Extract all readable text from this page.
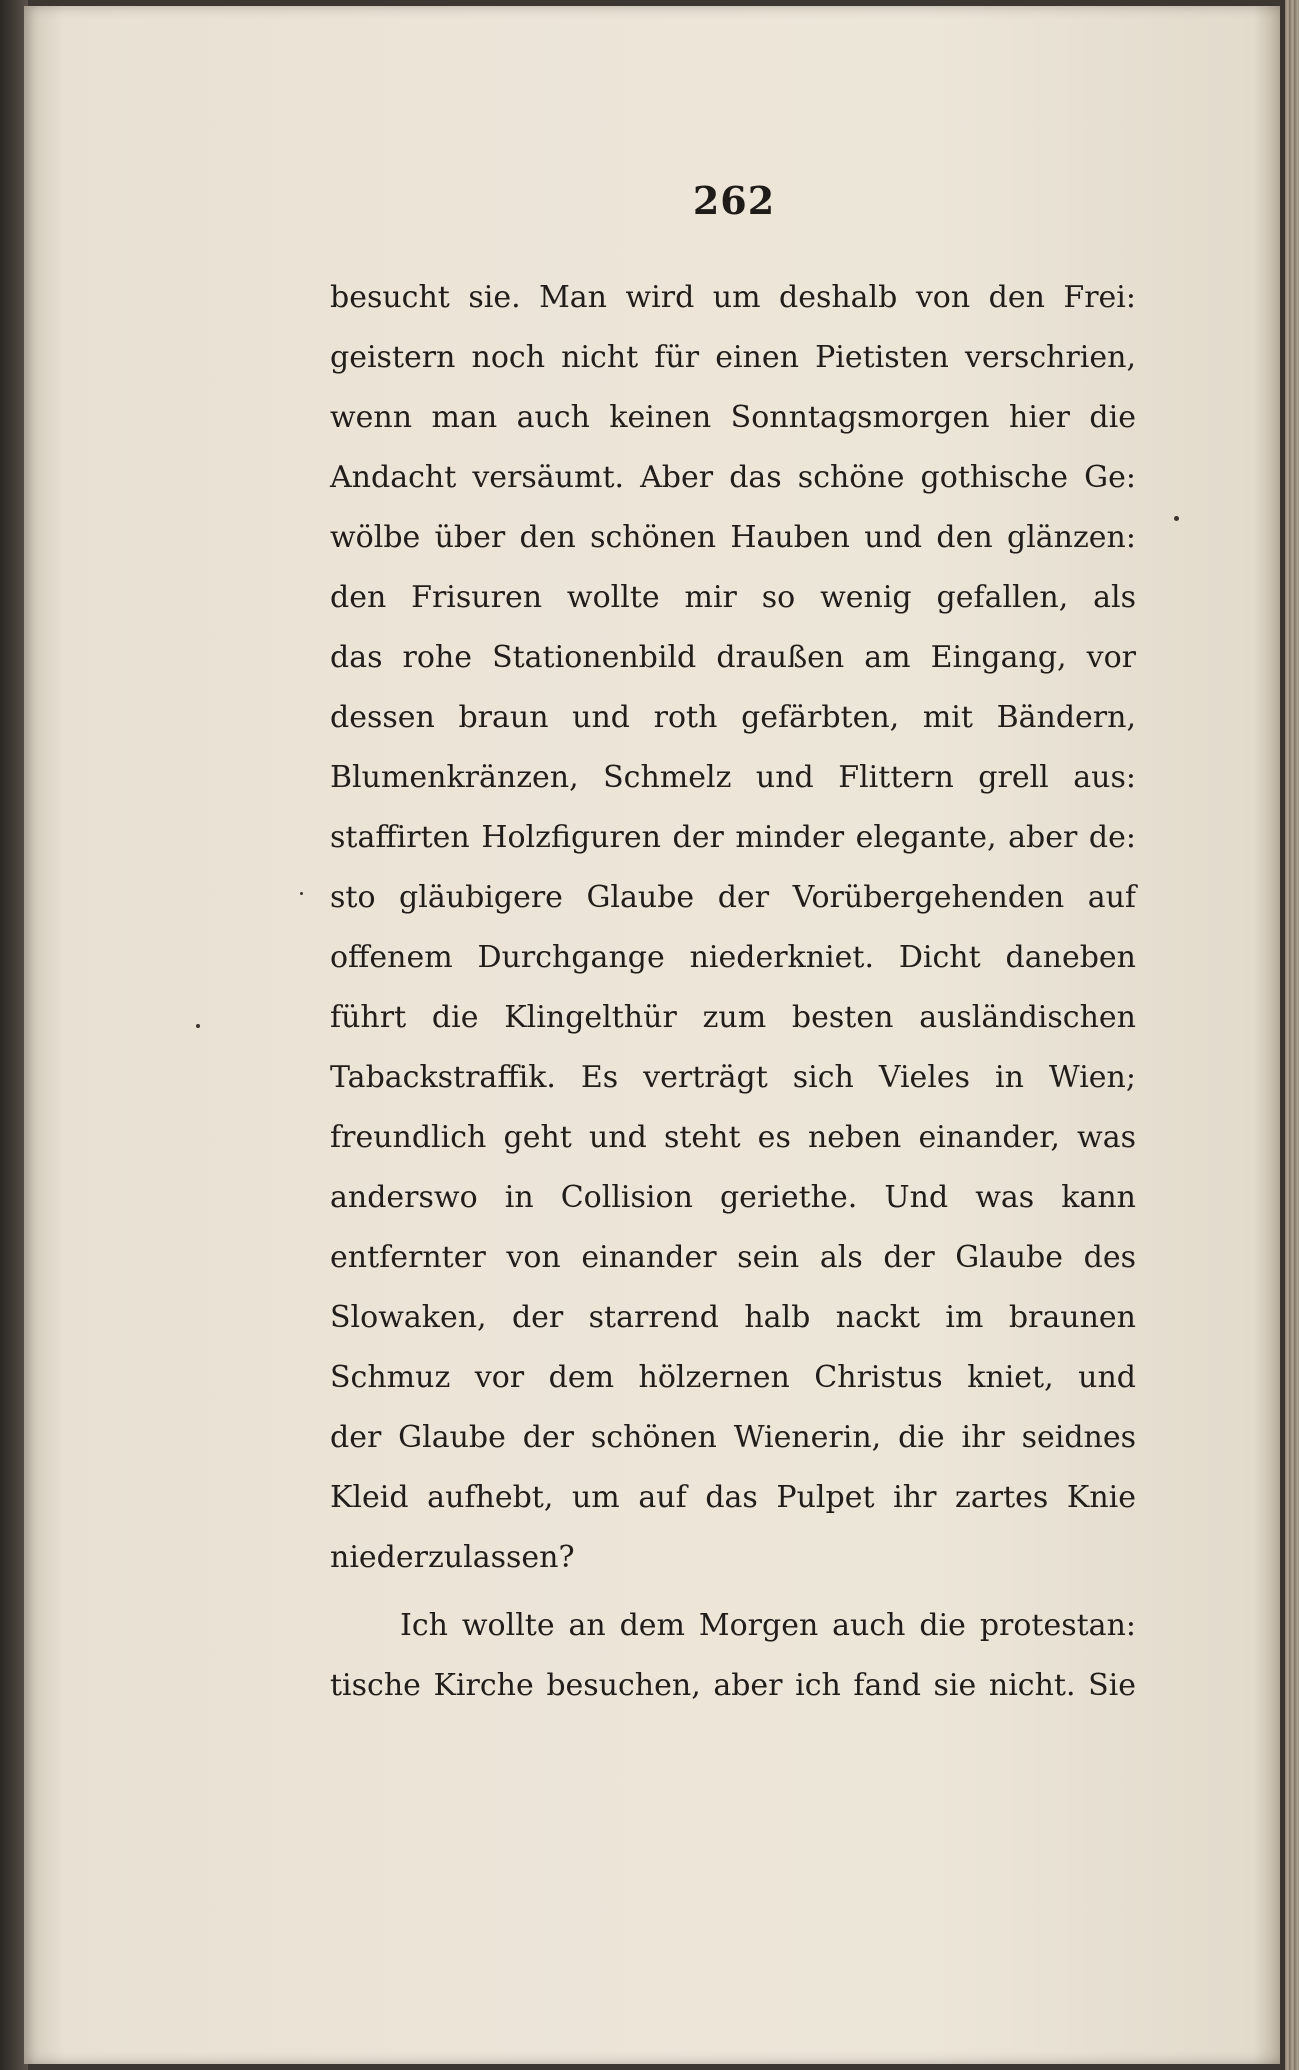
262
besucht sie. Man wird um deshalb von den Frei:
geistern noch nicht für einen Pietisten verschrien,
wenn man auch keinen Sonntagsmorgen hier die
Andacht versäumt. Aber das schöne gothische Ge:
wölbe über den schönen Hauben und den glänzen:
den Frisuren wollte mir so wenig gefallen, als
das rohe Stationenbild draußen am Eingang, vor
dessen braun und roth gefärbten, mit Bändern,
Blumenkränzen, Schmelz und Flittern grell aus:
staffirten Holzfiguren der minder elegante, aber de:
sto gläubigere Glaube der Vorübergehenden auf
offenem Durchgange niederkniet. Dicht daneben
führt die Klingelthür zum besten ausländischen
Tabackstraffik. Es verträgt sich Vieles in Wien;
freundlich geht und steht es neben einander, was
anderswo in Collision geriethe. Und was kann
entfernter von einander sein als der Glaube des
Slowaken, der starrend halb nackt im braunen
Schmuz vor dem hölzernen Christus kniet, und
der Glaube der schönen Wienerin, die ihr seidnes
Kleid aufhebt, um auf das Pulpet ihr zartes Knie
niederzulassen?
Ich wollte an dem Morgen auch die protestan:
tische Kirche besuchen, aber ich fand sie nicht. Sie
